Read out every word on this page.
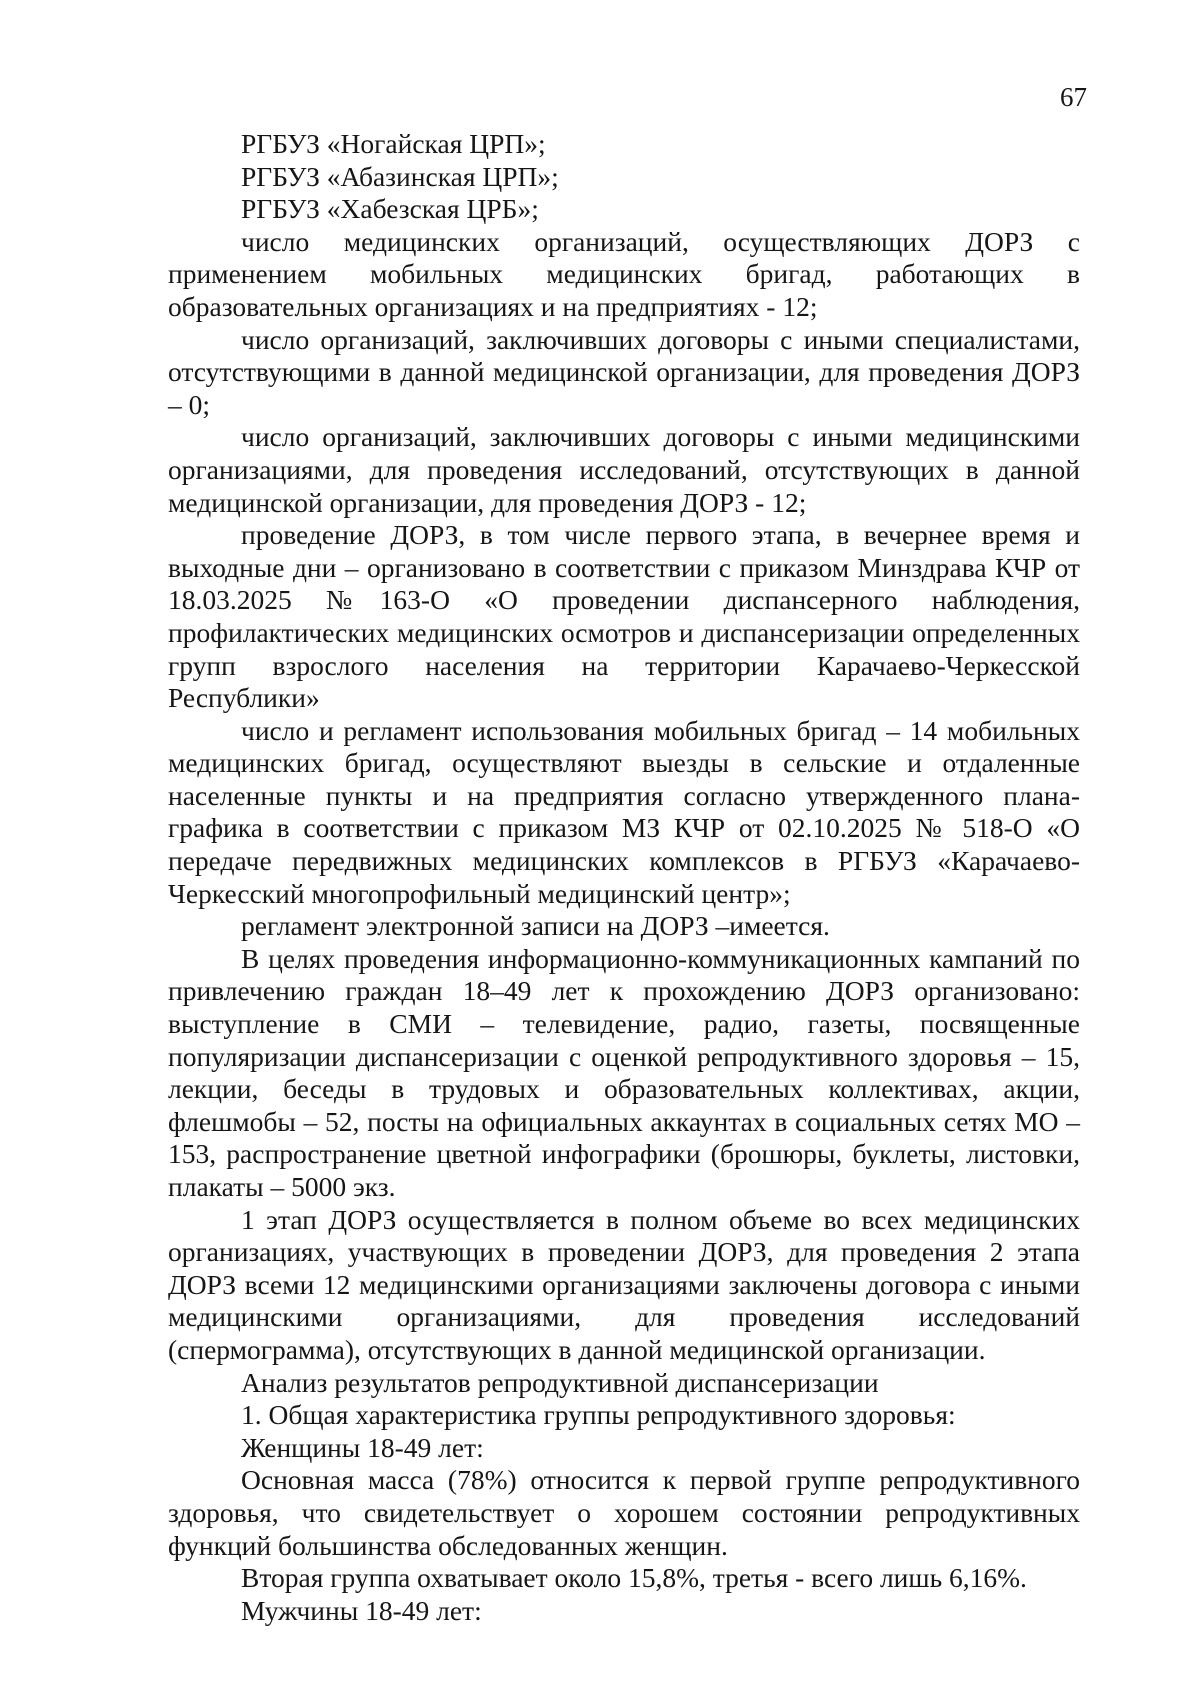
67

РГБУЗ «Ногайская ЦРП»;

РГБУЗ «Абазинская ЦРП»;

РГБУЗ «Хабезская ЦРБ»;

число медицинских организаций, осуществляющих ДОРЗ с применением мобильных медицинских бригад, работающих в образовательных организациях и на предприятиях - 12;

число организаций, заключивших договоры с иными специалистами, отсутствующими в данной медицинской организации, для проведения ДОРЗ – 0;

число организаций, заключивших договоры с иными медицинскими организациями, для проведения исследований, отсутствующих в данной медицинской организации, для проведения ДОРЗ - 12;

проведение ДОРЗ, в том числе первого этапа, в вечернее время и выходные дни – организовано в соответствии с приказом Минздрава КЧР от 18.03.2025 №163-О «О проведении диспансерного наблюдения, профилактических медицинских осмотров и диспансеризации определенных групп взрослого населения на территории Карачаево-Черкесской Республики»

число и регламент использования мобильных бригад – 14 мобильных медицинских бригад, осуществляют выезды в сельские и отдаленные населенные пункты и на предприятия согласно утвержденного плана-графика в соответствии с приказом МЗ КЧР от 02.10.2025 № 518-О «О передаче передвижных медицинских комплексов в РГБУЗ «Карачаево-Черкесский многопрофильный медицинский центр»;

регламент электронной записи на ДОРЗ –имеется.

В целях проведения информационно-коммуникационных кампаний по привлечению граждан 18–49 лет к прохождению ДОРЗ организовано: выступление в СМИ – телевидение, радио, газеты, посвященные популяризации диспансеризации с оценкой репродуктивного здоровья – 15, лекции, беседы в трудовых и образовательных коллективах, акции, флешмобы – 52, посты на официальных аккаунтах в социальных сетях МО – 153, распространение цветной инфографики (брошюры, буклеты, листовки, плакаты – 5000 экз.

1 этап ДОРЗ осуществляется в полном объеме во всех медицинских организациях, участвующих в проведении ДОРЗ, для проведения 2 этапа ДОРЗ всеми 12 медицинскими организациями заключены договора с иными медицинскими организациями, для проведения исследований (спермограмма), отсутствующих в данной медицинской организации.

Анализ результатов репродуктивной диспансеризации

1. Общая характеристика группы репродуктивного здоровья:

Женщины 18-49 лет:

Основная масса (78%) относится к первой группе репродуктивного здоровья, что свидетельствует о хорошем состоянии репродуктивных функций большинства обследованных женщин.

Вторая группа охватывает около 15,8%, третья - всего лишь 6,16%.

Мужчины 18-49 лет:
